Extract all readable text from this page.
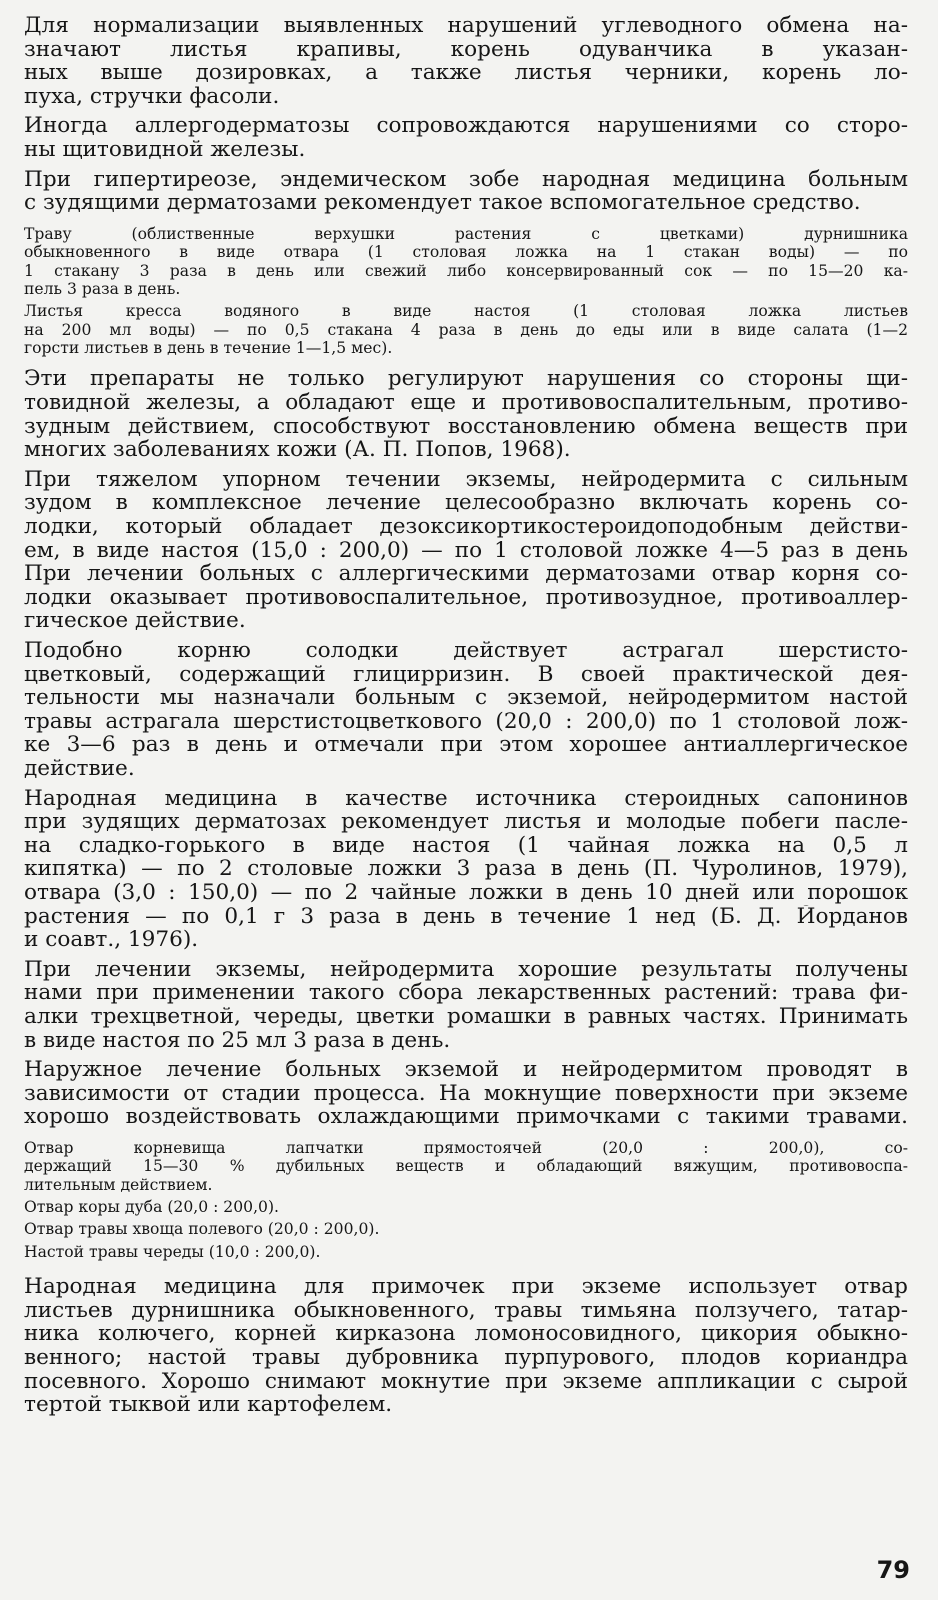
Для нормализации выявленных нарушений углеводного обмена на-
значают листья крапивы, корень одуванчика в указан-
ных выше дозировках, а также листья черники, корень ло-
пуха, стручки фасоли.
Иногда аллергодерматозы сопровождаются нарушениями со сторо-
ны щитовидной железы.
При гипертиреозе, эндемическом зобе народная медицина больным
с зудящими дерматозами рекомендует такое вспомогательное средство.
Траву (облиственные верхушки растения с цветками) дурнишника
обыкновенного в виде отвара (1 столовая ложка на 1 стакан воды) — по
1 стакану 3 раза в день или свежий либо консервированный сок — по 15—20 ка-
пель 3 раза в день.
Листья кресса водяного в виде настоя (1 столовая ложка листьев
на 200 мл воды) — по 0,5 стакана 4 раза в день до еды или в виде салата (1—2
горсти листьев в день в течение 1—1,5 мес).
Эти препараты не только регулируют нарушения со стороны щи-
товидной железы, а обладают еще и противовоспалительным, противо-
зудным действием, способствуют восстановлению обмена веществ при
многих заболеваниях кожи (А. П. Попов, 1968).
При тяжелом упорном течении экземы, нейродермита с сильным
зудом в комплексное лечение целесообразно включать корень со-
лодки, который обладает дезоксикортикостероидоподобным действи-
ем, в виде настоя (15,0 : 200,0) — по 1 столовой ложке 4—5 раз в день
При лечении больных с аллергическими дерматозами отвар корня со-
лодки оказывает противовоспалительное, противозудное, противоаллер-
гическое действие.
Подобно корню солодки действует астрагал шерстисто-
цветковый, содержащий глицирризин. В своей практической дея-
тельности мы назначали больным с экземой, нейродермитом настой
травы астрагала шерстистоцветкового (20,0 : 200,0) по 1 столовой лож-
ке 3—6 раз в день и отмечали при этом хорошее антиаллергическое
действие.
Народная медицина в качестве источника стероидных сапонинов
при зудящих дерматозах рекомендует листья и молодые побеги пасле-
на сладко-горького в виде настоя (1 чайная ложка на 0,5 л
кипятка) — по 2 столовые ложки 3 раза в день (П. Чуролинов, 1979),
отвара (3,0 : 150,0) — по 2 чайные ложки в день 10 дней или порошок
растения — по 0,1 г 3 раза в день в течение 1 нед (Б. Д. Йорданов
и соавт., 1976).
При лечении экземы, нейродермита хорошие результаты получены
нами при применении такого сбора лекарственных растений: трава фи-
алки трехцветной, череды, цветки ромашки в равных частях. Принимать
в виде настоя по 25 мл 3 раза в день.
Наружное лечение больных экземой и нейродермитом проводят в
зависимости от стадии процесса. На мокнущие поверхности при экземе
хорошо воздействовать охлаждающими примочками с такими травами.
Отвар корневища лапчатки прямостоячей (20,0 : 200,0), со-
держащий 15—30 % дубильных веществ и обладающий вяжущим, противовоспа-
лительным действием.
Отвар коры дуба (20,0 : 200,0).
Отвар травы хвоща полевого (20,0 : 200,0).
Настой травы череды (10,0 : 200,0).
Народная медицина для примочек при экземе использует отвар
листьев дурнишника обыкновенного, травы тимьяна ползучего, татар-
ника колючего, корней кирказона ломоносовидного, цикория обыкно-
венного; настой травы дубровника пурпурового, плодов кориандра
посевного. Хорошо снимают мокнутие при экземе аппликации с сырой
тертой тыквой или картофелем.
79
